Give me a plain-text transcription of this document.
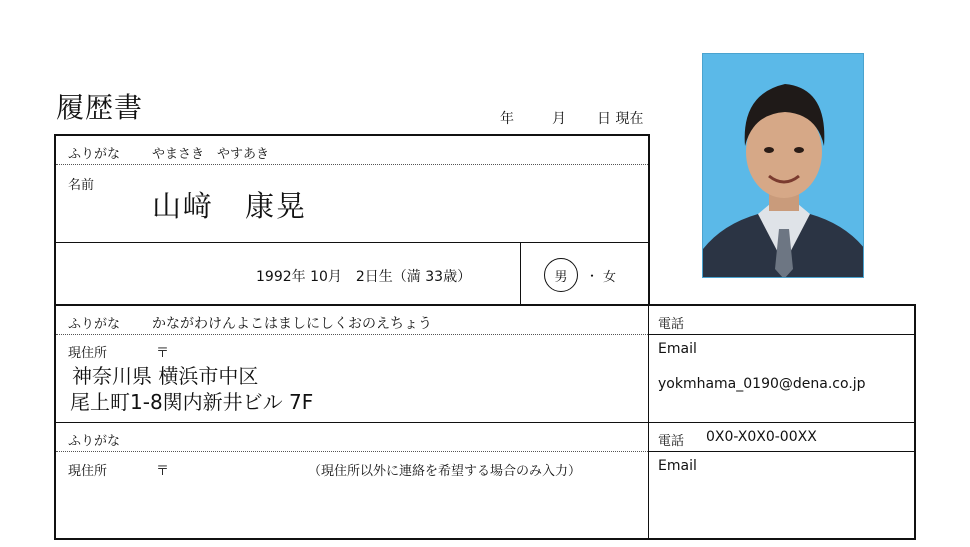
履歴書	年	月 日 現在
ふりがな やまさき　やすあき
名前
山﨑　康晃
1992年 10月　2日生（満 33歳）	男 ・ 女
ふりがな かながわけんよこはましにしくおのえちょう
現住所	〒
神奈川県 横浜市中区
尾上町1-8関内新井ビル 7F
電話
Email
yokmhama_0190@dena.co.jp
ふりがな
現住所	〒	（現住所以外に連絡を希望する場合のみ入力）
電話 0X0-X0X0-00XX
Email
